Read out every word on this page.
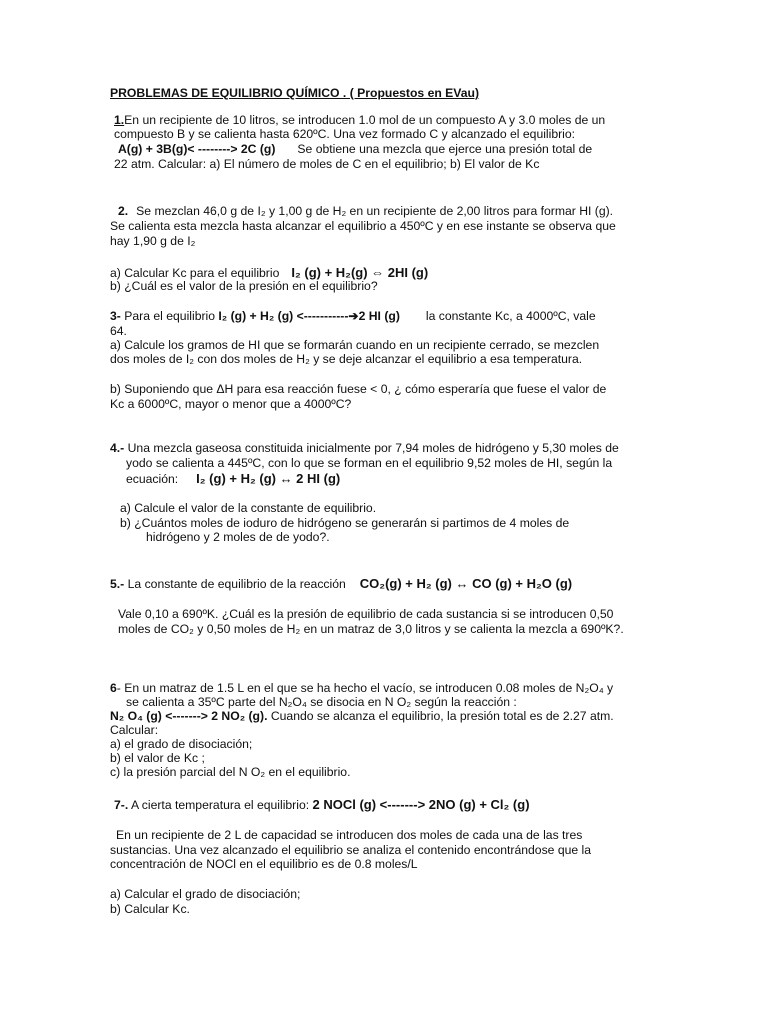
PROBLEMAS DE EQUILIBRIO QUÍMICO . ( Propuestos en EVau)
1.En un recipiente de 10 litros, se introducen 1.0 mol de un compuesto A y 3.0 moles de un
compuesto B y se calienta hasta 620ºC. Una vez formado C y alcanzado el equilibrio:
A(g) + 3B(g)< --------> 2C (g) Se obtiene una mezcla que ejerce una presión total de
22 atm. Calcular: a) El número de moles de C en el equilibrio; b) El valor de Kc
2. Se mezclan 46,0 g de I₂ y 1,00 g de H₂ en un recipiente de 2,00 litros para formar HI (g).
Se calienta esta mezcla hasta alcanzar el equilibrio a 450ºC y en ese instante se observa que
hay 1,90 g de I₂
a) Calcular Kc para el equilibrio I₂ (g) + H₂(g) ⇔ 2HI (g)
b) ¿Cuál es el valor de la presión en el equilibrio?
3- Para el equilibrio I₂ (g) + H₂ (g) <-----------➔2 HI (g) la constante Kc, a 4000ºC, vale
64.
a) Calcule los gramos de HI que se formarán cuando en un recipiente cerrado, se mezclen
dos moles de I₂ con dos moles de H₂ y se deje alcanzar el equilibrio a esa temperatura.
b) Suponiendo que ΔH para esa reacción fuese < 0, ¿ cómo esperaría que fuese el valor de
Kc a 6000ºC, mayor o menor que a 4000ºC?
4.- Una mezcla gaseosa constituida inicialmente por 7,94 moles de hidrógeno y 5,30 moles de
yodo se calienta a 445ºC, con lo que se forman en el equilibrio 9,52 moles de HI, según la
ecuación: I₂ (g) + H₂ (g) ↔ 2 HI (g)
a) Calcule el valor de la constante de equilibrio.
b) ¿Cuántos moles de ioduro de hidrógeno se generarán si partimos de 4 moles de
hidrógeno y 2 moles de de yodo?.
5.- La constante de equilibrio de la reacción CO₂(g) + H₂ (g) ↔ CO (g) + H₂O (g)
Vale 0,10 a 690ºK. ¿Cuál es la presión de equilibrio de cada sustancia si se introducen 0,50
moles de CO₂ y 0,50 moles de H₂ en un matraz de 3,0 litros y se calienta la mezcla a 690ºK?.
6- En un matraz de 1.5 L en el que se ha hecho el vacío, se introducen 0.08 moles de N₂O₄ y
se calienta a 35ºC parte del N₂O₄ se disocia en N O₂ según la reacción :
N₂ O₄ (g) <-------> 2 NO₂ (g). Cuando se alcanza el equilibrio, la presión total es de 2.27 atm.
Calcular:
a) el grado de disociación;
b) el valor de Kc ;
c) la presión parcial del N O₂ en el equilibrio.
7-. A cierta temperatura el equilibrio: 2 NOCl (g) <-------> 2NO (g) + Cl₂ (g)
En un recipiente de 2 L de capacidad se introducen dos moles de cada una de las tres
sustancias. Una vez alcanzado el equilibrio se analiza el contenido encontrándose que la
concentración de NOCl en el equilibrio es de 0.8 moles/L
a) Calcular el grado de disociación;
b) Calcular Kc.
